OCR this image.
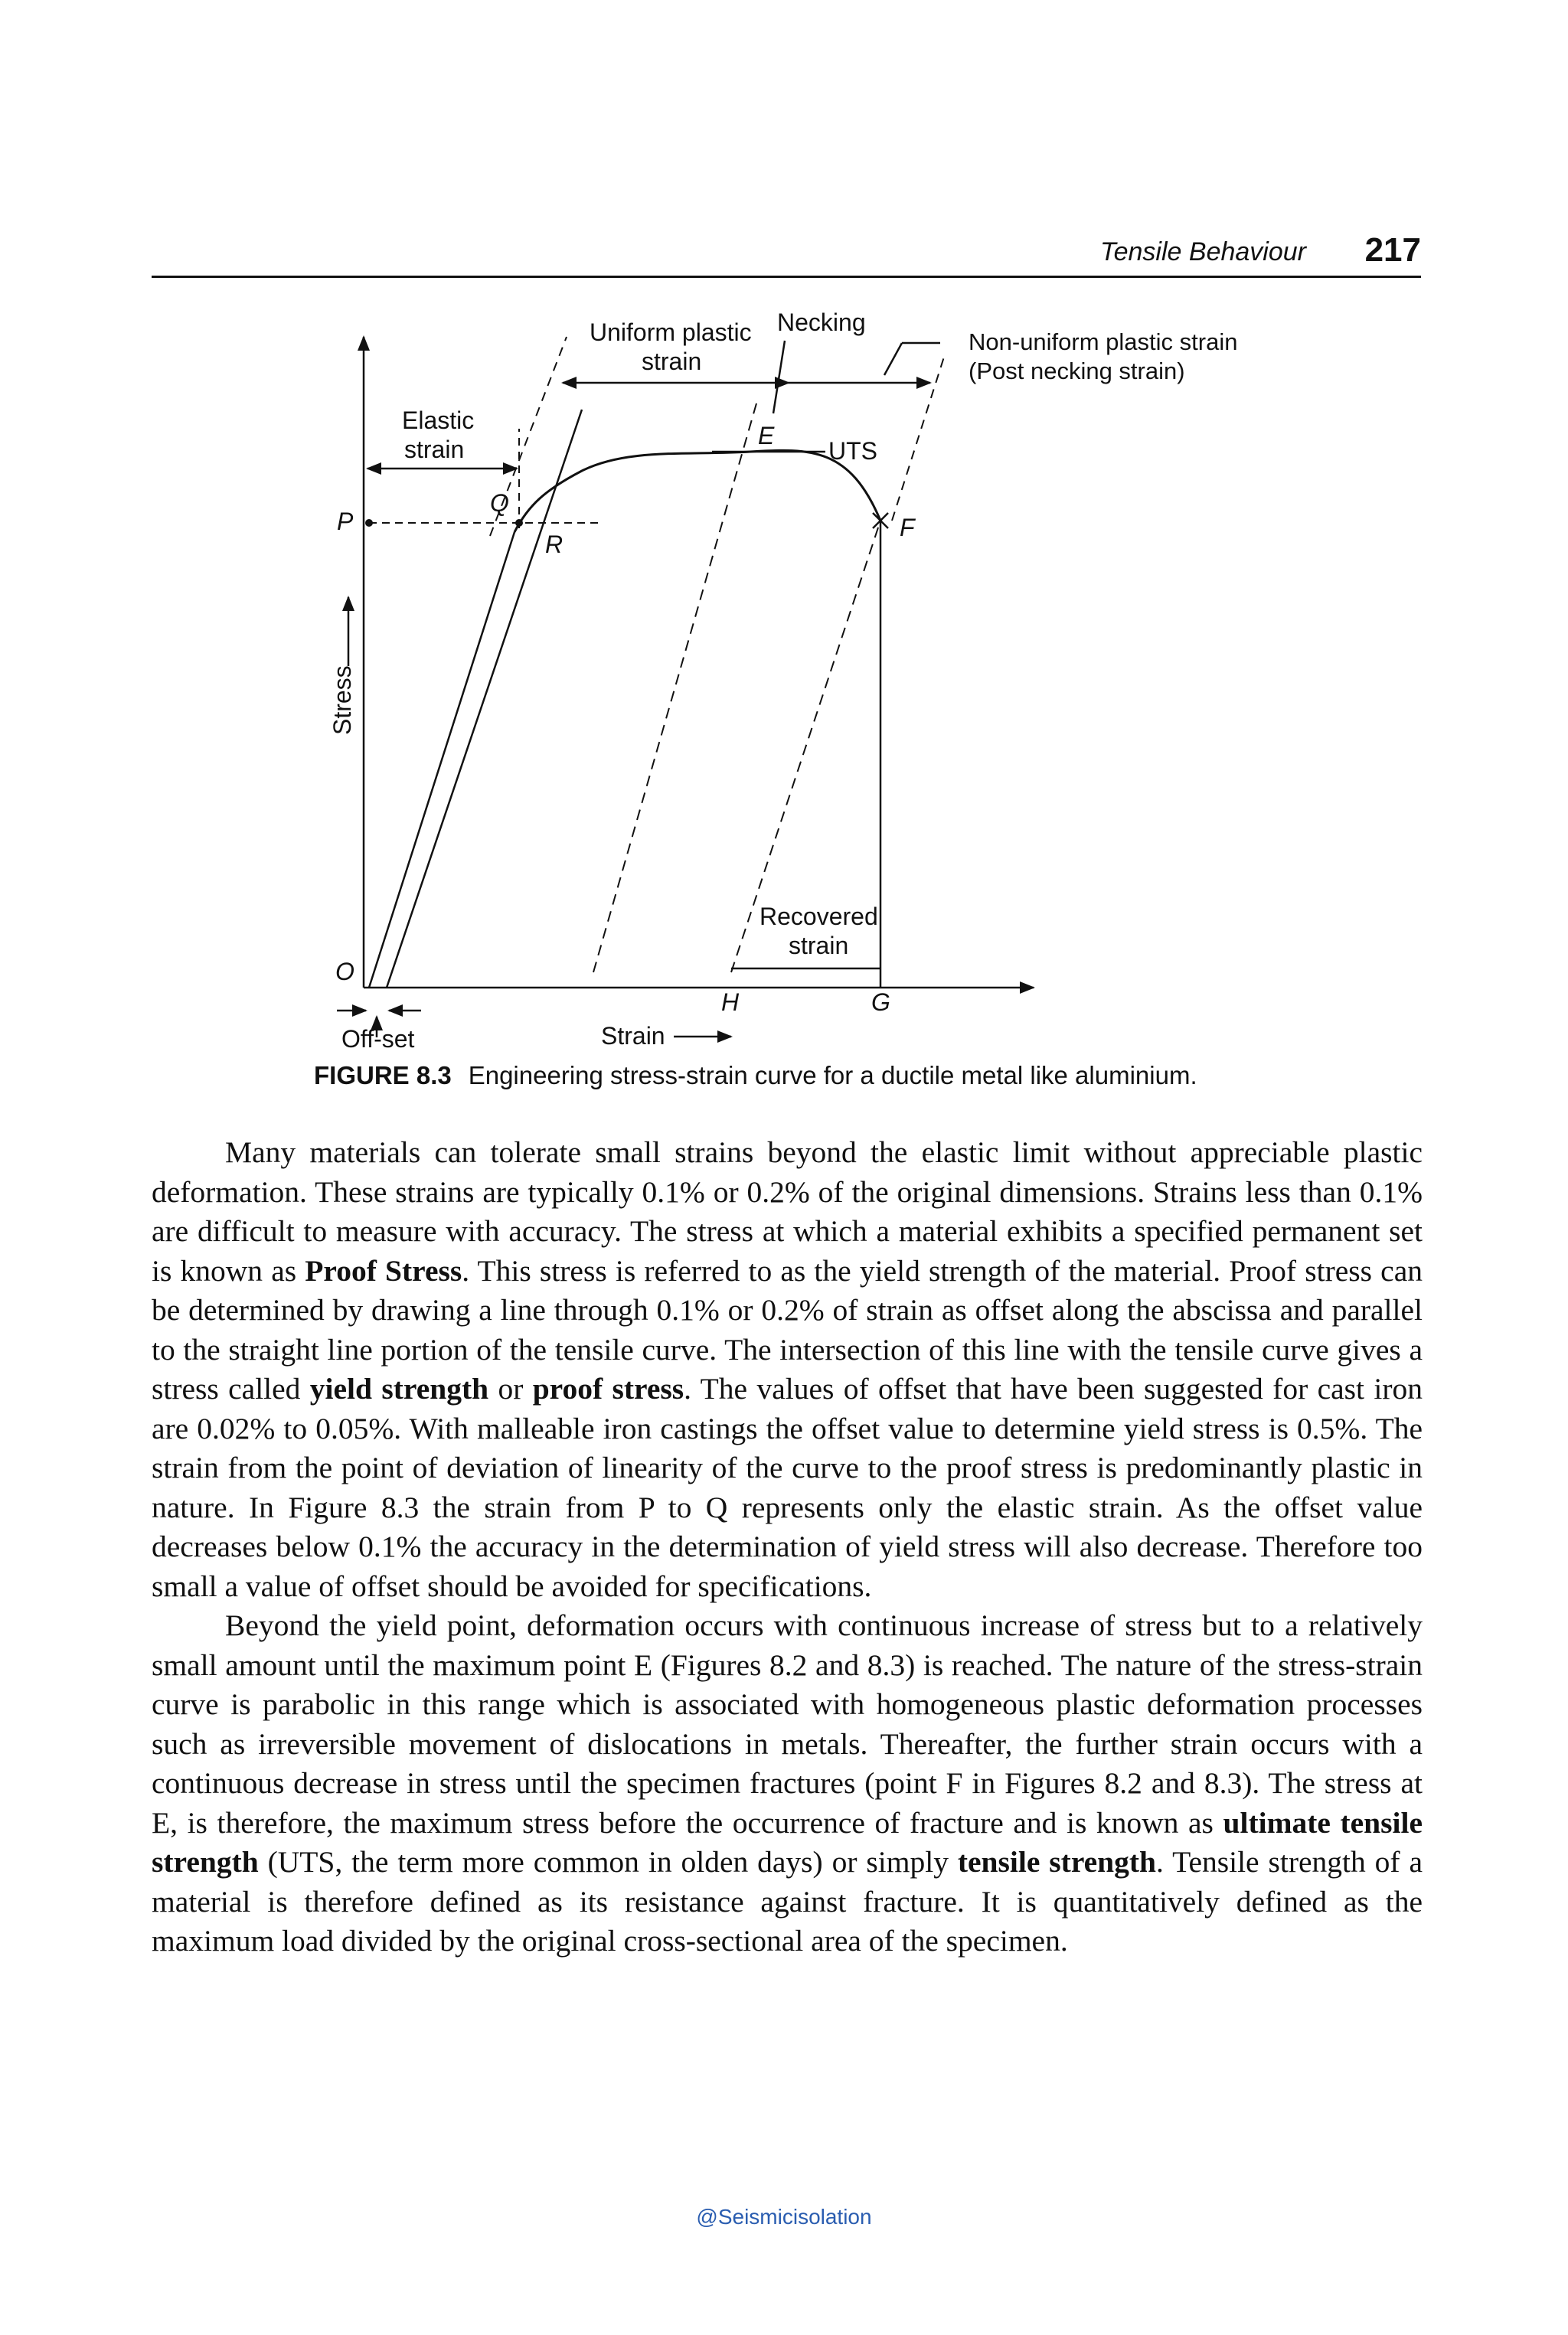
Tensile Behaviour 217
P
Q
R
E
F
H	G
O
Elastic
strain
Uniform plastic
strain
Necking
Non-uniform plastic strain
(Post necking strain)
UTS
Recovered
strain
Off-set	Strain
Stress
FIGURE 8.3 Engineering stress-strain curve for a ductile metal like aluminium.

Many materials can tolerate small strains beyond the elastic limit without appreciable plastic deformation. These strains are typically 0.1% or 0.2% of the original dimensions. Strains less than 0.1% are difficult to measure with accuracy. The stress at which a material exhibits a specified permanent set is known as Proof Stress. This stress is referred to as the yield strength of the material. Proof stress can be determined by drawing a line through 0.1% or 0.2% of strain as offset along the abscissa and parallel to the straight line portion of the tensile curve. The intersection of this line with the tensile curve gives a stress called yield strength or proof stress. The values of offset that have been suggested for cast iron are 0.02% to 0.05%. With malleable iron castings the offset value to determine yield stress is 0.5%. The strain from the point of deviation of linearity of the curve to the proof stress is predominantly plastic in nature. In Figure 8.3 the strain from P to Q represents only the elastic strain. As the offset value decreases below 0.1% the accuracy in the determination of yield stress will also decrease. Therefore too small a value of offset should be avoided for specifications.

Beyond the yield point, deformation occurs with continuous increase of stress but to a relatively small amount until the maximum point E (Figures 8.2 and 8.3) is reached. The nature of the stress-strain curve is parabolic in this range which is associated with homogeneous plastic deformation processes such as irreversible movement of dislocations in metals. Thereafter, the further strain occurs with a continuous decrease in stress until the specimen fractures (point F in Figures 8.2 and 8.3). The stress at E, is therefore, the maximum stress before the occurrence of fracture and is known as ultimate tensile strength (UTS, the term more common in olden days) or simply tensile strength. Tensile strength of a material is therefore defined as its resistance against fracture. It is quantitatively defined as the maximum load divided by the original cross-sectional area of the specimen.

@Seismicisolation
